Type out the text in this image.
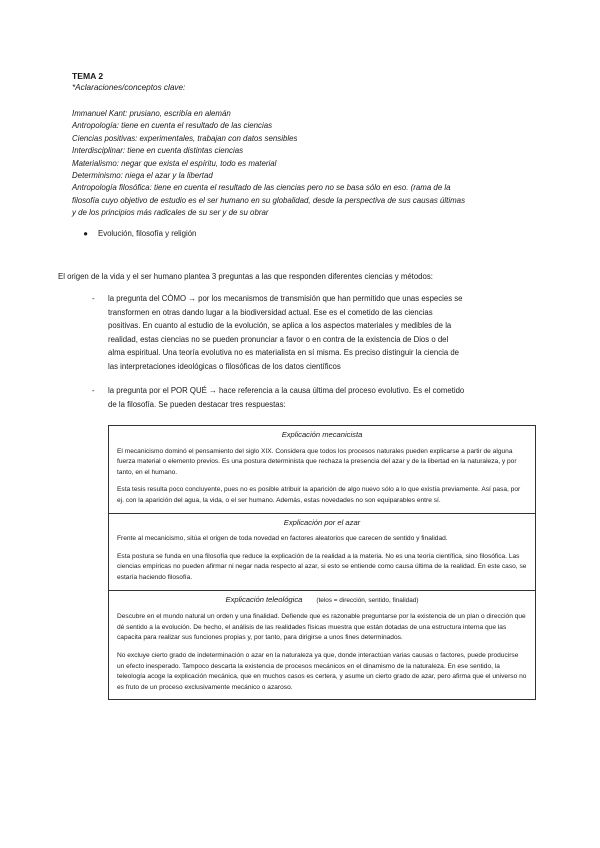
TEMA 2

*Aclaraciones/conceptos clave:

Immanuel Kant: prusiano, escribía en alemán

Antropología: tiene en cuenta el resultado de las ciencias

Ciencias positivas: experimentales, trabajan con datos sensibles

Interdisciplinar: tiene en cuenta distintas ciencias

Materialismo: negar que exista el espíritu, todo es material

Determinismo: niega el azar y la libertad

Antropología filosófica: tiene en cuenta el resultado de las ciencias pero no se basa sólo en eso. (rama de la

filosofía cuyo objetivo de estudio es el ser humano en su globalidad, desde la perspectiva de sus causas últimas

y de los principios más radicales de su ser y de su obrar

●	Evolución, filosofía y religión

El origen de la vida y el ser humano plantea 3 preguntas a las que responden diferentes ciencias y métodos:

- la pregunta del CÓMO → por los mecanismos de transmisión que han permitido que unas especies se
transformen en otras dando lugar a la biodiversidad actual. Ese es el cometido de las ciencias
positivas. En cuanto al estudio de la evolución, se aplica a los aspectos materiales y medibles de la
realidad, estas ciencias no se pueden pronunciar a favor o en contra de la existencia de Dios o del
alma espiritual. Una teoría evolutiva no es materialista en sí misma. Es preciso distinguir la ciencia de
las interpretaciones ideológicas o filosóficas de los datos científicos
- la pregunta por el POR QUÉ → hace referencia a la causa última del proceso evolutivo. Es el cometido
de la filosofía. Se pueden destacar tres respuestas:
Explicación mecanicista

El mecanicismo dominó el pensamiento del siglo XIX. Considera que todos los procesos naturales pueden explicarse a partir de alguna fuerza material o elemento previos. Es una postura determinista que rechaza la presencia del azar y de la libertad en la naturaleza, y por tanto, en el humano.

Esta tesis resulta poco concluyente, pues no es posible atribuir la aparición de algo nuevo sólo a lo que existía previamente. Así pasa, por ej. con la aparición del agua, la vida, o el ser humano. Además, estas novedades no son equiparables entre sí.

Explicación por el azar

Frente al mecanicismo, sitúa el origen de toda novedad en factores aleatorios que carecen de sentido y finalidad.

Esta postura se funda en una filosofía que reduce la explicación de la realidad a la materia. No es una teoría científica, sino filosófica. Las ciencias empíricas no pueden afirmar ni negar nada respecto al azar, si esto se entiende como causa última de la realidad. En este caso, se estaría haciendo filosofía.

Explicación teleológica (telos = dirección, sentido, finalidad)

Descubre en el mundo natural un orden y una finalidad. Defiende que es razonable preguntarse por la existencia de un plan o dirección que dé sentido a la evolución. De hecho, el análisis de las realidades físicas muestra que están dotadas de una estructura interna que las capacita para realizar sus funciones propias y, por tanto, para dirigirse a unos fines determinados.

No excluye cierto grado de indeterminación o azar en la naturaleza ya que, donde interactúan varias causas o factores, puede producirse un efecto inesperado. Tampoco descarta la existencia de procesos mecánicos en el dinamismo de la naturaleza. En ese sentido, la teleología acoge la explicación mecánica, que en muchos casos es certera, y asume un cierto grado de azar, pero afirma que el universo no es fruto de un proceso exclusivamente mecánico o azaroso.
